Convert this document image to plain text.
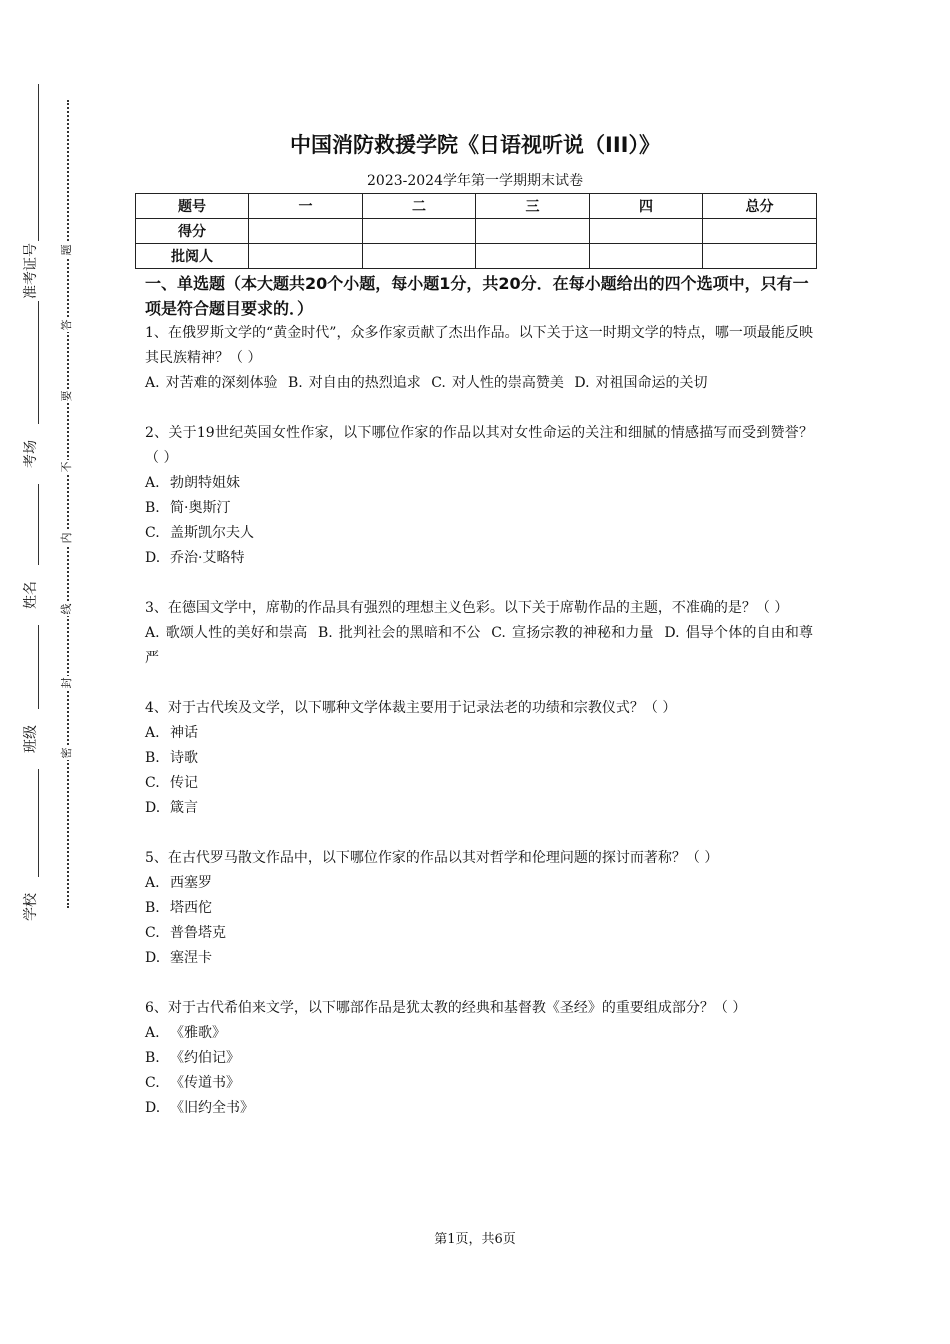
准考证号
考场
姓名
班级
学校
题
答
要
不
内
线
封
密
中国消防救援学院《日语视听说（III）》
2023-2024学年第一学期期末试卷
题号	一	二	三	四	总分
得分					
批阅人					
一、单选题（本大题共20个小题，每小题1分，共20分．在每小题给出的四个选项中，只有一项是符合题目要求的．）
1、在俄罗斯文学的“黄金时代”，众多作家贡献了杰出作品。以下关于这一时期文学的特点，哪一项最能反映其民族精神？（ ）
A. 对苦难的深刻体验 B. 对自由的热烈追求 C. 对人性的崇高赞美 D. 对祖国命运的关切
2、关于19世纪英国女性作家，以下哪位作家的作品以其对女性命运的关注和细腻的情感描写而受到赞誉？（ ）
A. 勃朗特姐妹
B. 简·奥斯汀
C. 盖斯凯尔夫人
D. 乔治·艾略特
3、在德国文学中，席勒的作品具有强烈的理想主义色彩。以下关于席勒作品的主题，不准确的是？（ ）
A. 歌颂人性的美好和崇高 B. 批判社会的黑暗和不公 C. 宣扬宗教的神秘和力量 D. 倡导个体的自由和尊严
4、对于古代埃及文学，以下哪种文学体裁主要用于记录法老的功绩和宗教仪式？（ ）
A. 神话
B. 诗歌
C. 传记
D. 箴言
5、在古代罗马散文作品中，以下哪位作家的作品以其对哲学和伦理问题的探讨而著称？（ ）
A. 西塞罗
B. 塔西佗
C. 普鲁塔克
D. 塞涅卡
6、对于古代希伯来文学，以下哪部作品是犹太教的经典和基督教《圣经》的重要组成部分？（ ）
A. 《雅歌》
B. 《约伯记》
C. 《传道书》
D. 《旧约全书》
第1页，共6页
